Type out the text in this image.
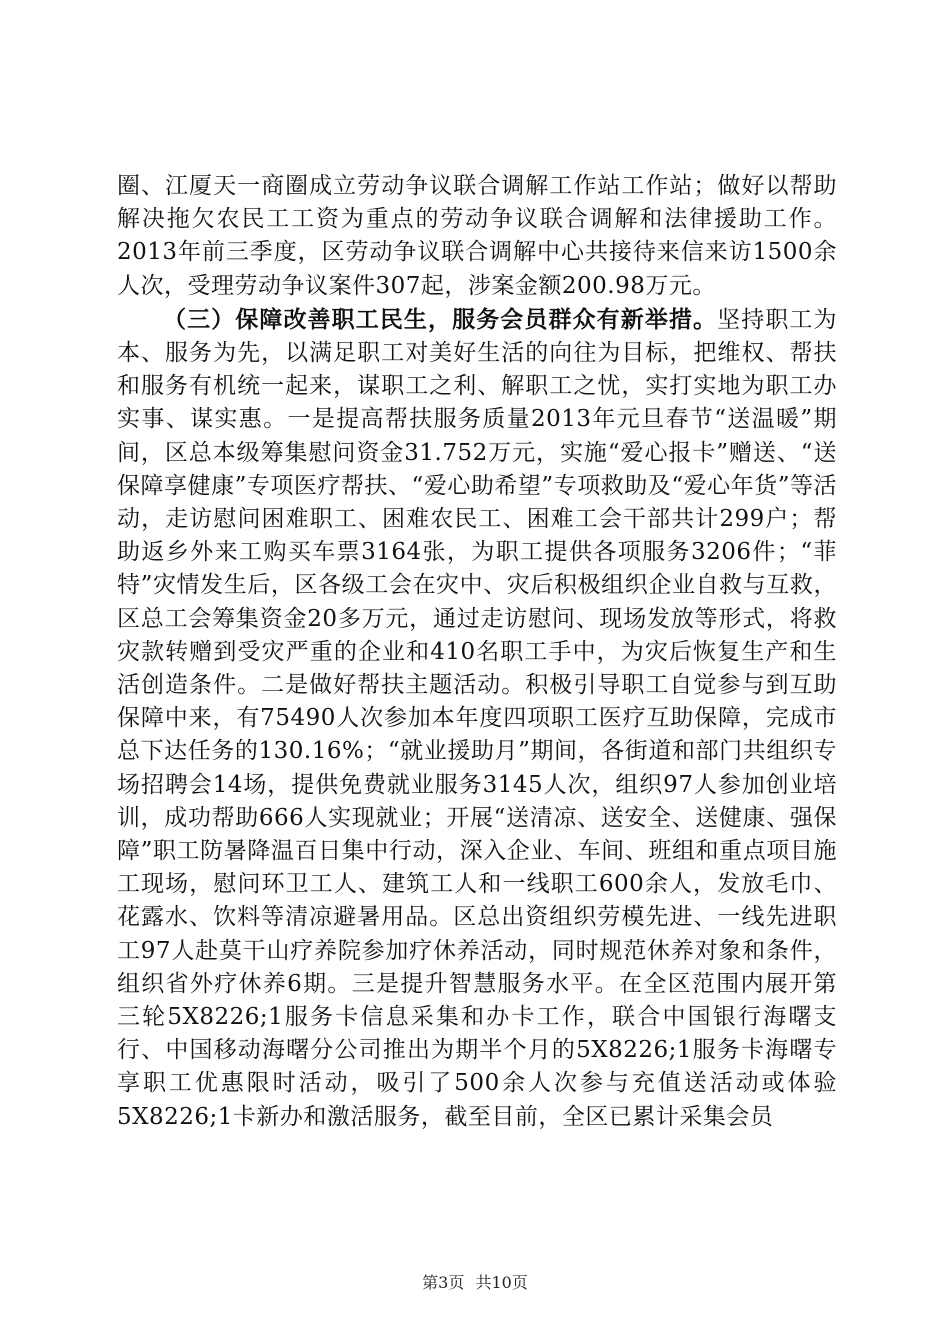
圈、江厦天一商圈成立劳动争议联合调解工作站工作站；做好以帮助解决拖欠农民工工资为重点的劳动争议联合调解和法律援助工作。2013年前三季度，区劳动争议联合调解中心共接待来信来访1500余人次，受理劳动争议案件307起，涉案金额200.98万元。

（三）保障改善职工民生，服务会员群众有新举措。坚持职工为本、服务为先，以满足职工对美好生活的向往为目标，把维权、帮扶和服务有机统一起来，谋职工之利、解职工之忧，实打实地为职工办实事、谋实惠。一是提高帮扶服务质量2013年元旦春节“送温暖”期间，区总本级筹集慰问资金31.752万元，实施“爱心报卡”赠送、“送保障享健康”专项医疗帮扶、“爱心助希望”专项救助及“爱心年货”等活动，走访慰问困难职工、困难农民工、困难工会干部共计299户；帮助返乡外来工购买车票3164张，为职工提供各项服务3206件；“菲特”灾情发生后，区各级工会在灾中、灾后积极组织企业自救与互救，区总工会筹集资金20多万元，通过走访慰问、现场发放等形式，将救灾款转赠到受灾严重的企业和410名职工手中，为灾后恢复生产和生活创造条件。二是做好帮扶主题活动。积极引导职工自觉参与到互助保障中来，有75490人次参加本年度四项职工医疗互助保障，完成市总下达任务的130.16%；“就业援助月”期间，各街道和部门共组织专场招聘会14场，提供免费就业服务3145人次，组织97人参加创业培训，成功帮助666人实现就业；开展“送清凉、送安全、送健康、强保障”职工防暑降温百日集中行动，深入企业、车间、班组和重点项目施工现场，慰问环卫工人、建筑工人和一线职工600余人，发放毛巾、花露水、饮料等清凉避暑用品。区总出资组织劳模先进、一线先进职工97人赴莫干山疗养院参加疗休养活动，同时规范休养对象和条件，组织省外疗休养6期。三是提升智慧服务水平。在全区范围内展开第三轮5X8226;1服务卡信息采集和办卡工作，联合中国银行海曙支行、中国移动海曙分公司推出为期半个月的5X8226;1服务卡海曙专享职工优惠限时活动，吸引了500余人次参与充值送活动或体验5X8226;1卡新办和激活服务，截至目前，全区已累计采集会员

第3页 共10页
